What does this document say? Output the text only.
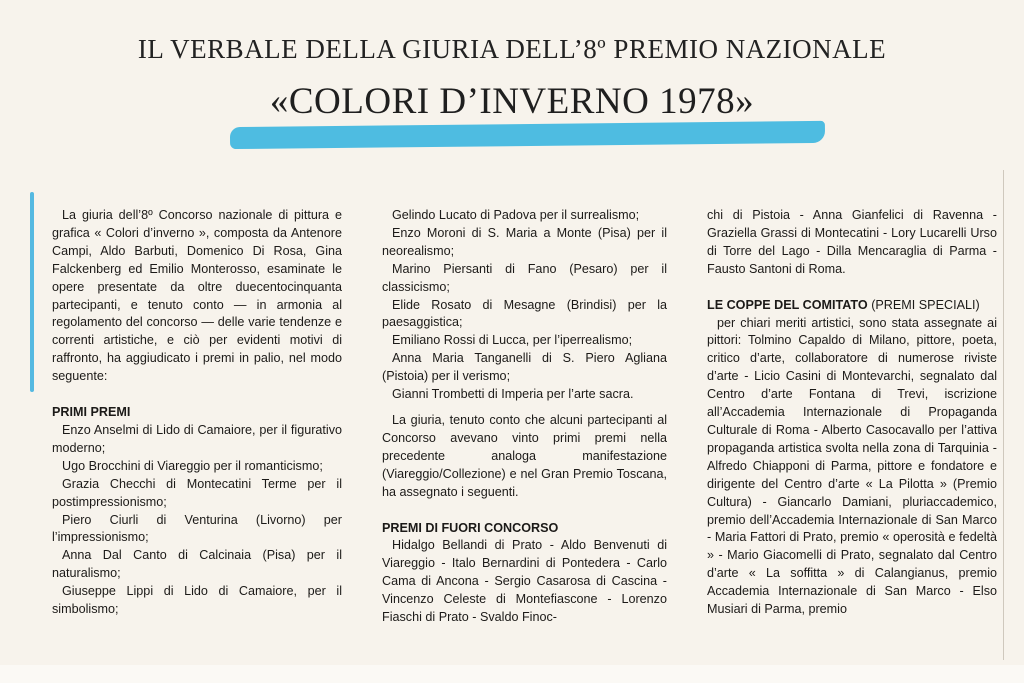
IL VERBALE DELLA GIURIA DELL’8º PREMIO NAZIONALE
«COLORI D’INVERNO 1978»

La giuria dell’8º Concorso nazionale di pittura e grafica « Colori d’inverno », composta da Antenore Campi, Aldo Barbuti, Domenico Di Rosa, Gina Falckenberg ed Emilio Monterosso, esaminate le opere presentate da oltre duecentocinquanta partecipanti, e tenuto conto — in armonia al regolamento del concorso — delle varie tendenze e correnti artistiche, e ciò per evidenti motivi di raffronto, ha aggiudicato i premi in palio, nel modo seguente:

PRIMI PREMI

Enzo Anselmi di Lido di Camaiore, per il figurativo moderno;

Ugo Brocchini di Viareggio per il romanticismo;

Grazia Checchi di Montecatini Terme per il postimpressionismo;

Piero Ciurli di Venturina (Livorno) per l’impressionismo;

Anna Dal Canto di Calcinaia (Pisa) per il naturalismo;

Giuseppe Lippi di Lido di Camaiore, per il simbolismo;

Gelindo Lucato di Padova per il surrealismo;

Enzo Moroni di S. Maria a Monte (Pisa) per il neorealismo;

Marino Piersanti di Fano (Pesaro) per il classicismo;

Elide Rosato di Mesagne (Brindisi) per la paesaggistica;

Emiliano Rossi di Lucca, per l’iperrealismo;

Anna Maria Tanganelli di S. Piero Agliana (Pistoia) per il verismo;

Gianni Trombetti di Imperia per l’arte sacra.

La giuria, tenuto conto che alcuni partecipanti al Concorso avevano vinto primi premi nella precedente analoga manifestazione (Viareggio/Collezione) e nel Gran Premio Toscana, ha assegnato i seguenti.

PREMI DI FUORI CONCORSO

Hidalgo Bellandi di Prato - Aldo Benvenuti di Viareggio - Italo Bernardini di Pontedera - Carlo Cama di Ancona - Sergio Casarosa di Cascina - Vincenzo Celeste di Montefiascone - Lorenzo Fiaschi di Prato - Svaldo Finoc-

chi di Pistoia - Anna Gianfelici di Ravenna - Graziella Grassi di Montecatini - Lory Lucarelli Urso di Torre del Lago - Dilla Mencaraglia di Parma - Fausto Santoni di Roma.

LE COPPE DEL COMITATO (PREMI SPECIALI)

per chiari meriti artistici, sono stata assegnate ai pittori: Tolmino Capaldo di Milano, pittore, poeta, critico d’arte, collaboratore di numerose riviste d’arte - Licio Casini di Montevarchi, segnalato dal Centro d’arte Fontana di Trevi, iscrizione all’Accademia Internazionale di Propaganda Culturale di Roma - Alberto Casocavallo per l’attiva propaganda artistica svolta nella zona di Tarquinia - Alfredo Chiapponi di Parma, pittore e fondatore e dirigente del Centro d’arte « La Pilotta » (Premio Cultura) - Giancarlo Damiani, pluriaccademico, premio dell’Accademia Internazionale di San Marco - Maria Fattori di Prato, premio « operosità e fedeltà » - Mario Giacomelli di Prato, segnalato dal Centro d’arte « La soffitta » di Calangianus, premio Accademia Internazionale di San Marco - Elso Musiari di Parma, premio
